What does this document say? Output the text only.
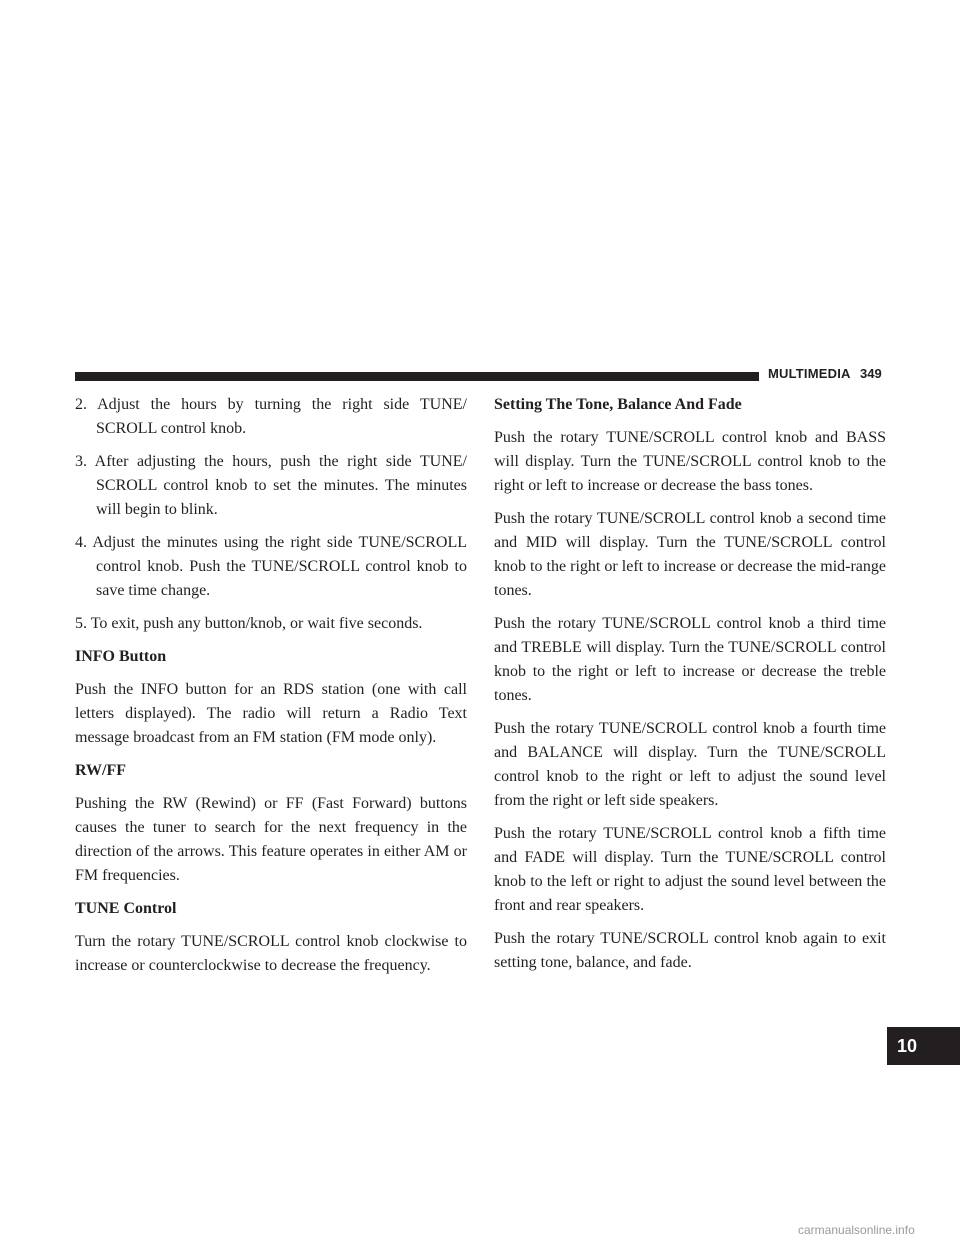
MULTIMEDIA 349

2. Adjust the hours by turning the right side TUNE/ SCROLL control knob.

3. After adjusting the hours, push the right side TUNE/ SCROLL control knob to set the minutes. The minutes will begin to blink.

4. Adjust the minutes using the right side TUNE/SCROLL control knob. Push the TUNE/SCROLL control knob to save time change.

5. To exit, push any button/knob, or wait five seconds.

INFO Button

Push the INFO button for an RDS station (one with call letters displayed). The radio will return a Radio Text message broadcast from an FM station (FM mode only).

RW/FF

Pushing the RW (Rewind) or FF (Fast Forward) buttons causes the tuner to search for the next frequency in the direction of the arrows. This feature operates in either AM or FM frequencies.

TUNE Control

Turn the rotary TUNE/SCROLL control knob clockwise to increase or counterclockwise to decrease the frequency.

Setting The Tone, Balance And Fade

Push the rotary TUNE/SCROLL control knob and BASS will display. Turn the TUNE/SCROLL control knob to the right or left to increase or decrease the bass tones.

Push the rotary TUNE/SCROLL control knob a second time and MID will display. Turn the TUNE/SCROLL control knob to the right or left to increase or decrease the mid-range tones.

Push the rotary TUNE/SCROLL control knob a third time and TREBLE will display. Turn the TUNE/SCROLL control knob to the right or left to increase or decrease the treble tones.

Push the rotary TUNE/SCROLL control knob a fourth time and BALANCE will display. Turn the TUNE/SCROLL control knob to the right or left to adjust the sound level from the right or left side speakers.

Push the rotary TUNE/SCROLL control knob a fifth time and FADE will display. Turn the TUNE/SCROLL control knob to the left or right to adjust the sound level between the front and rear speakers.

Push the rotary TUNE/SCROLL control knob again to exit setting tone, balance, and fade.

10
carmanualsonline.info
